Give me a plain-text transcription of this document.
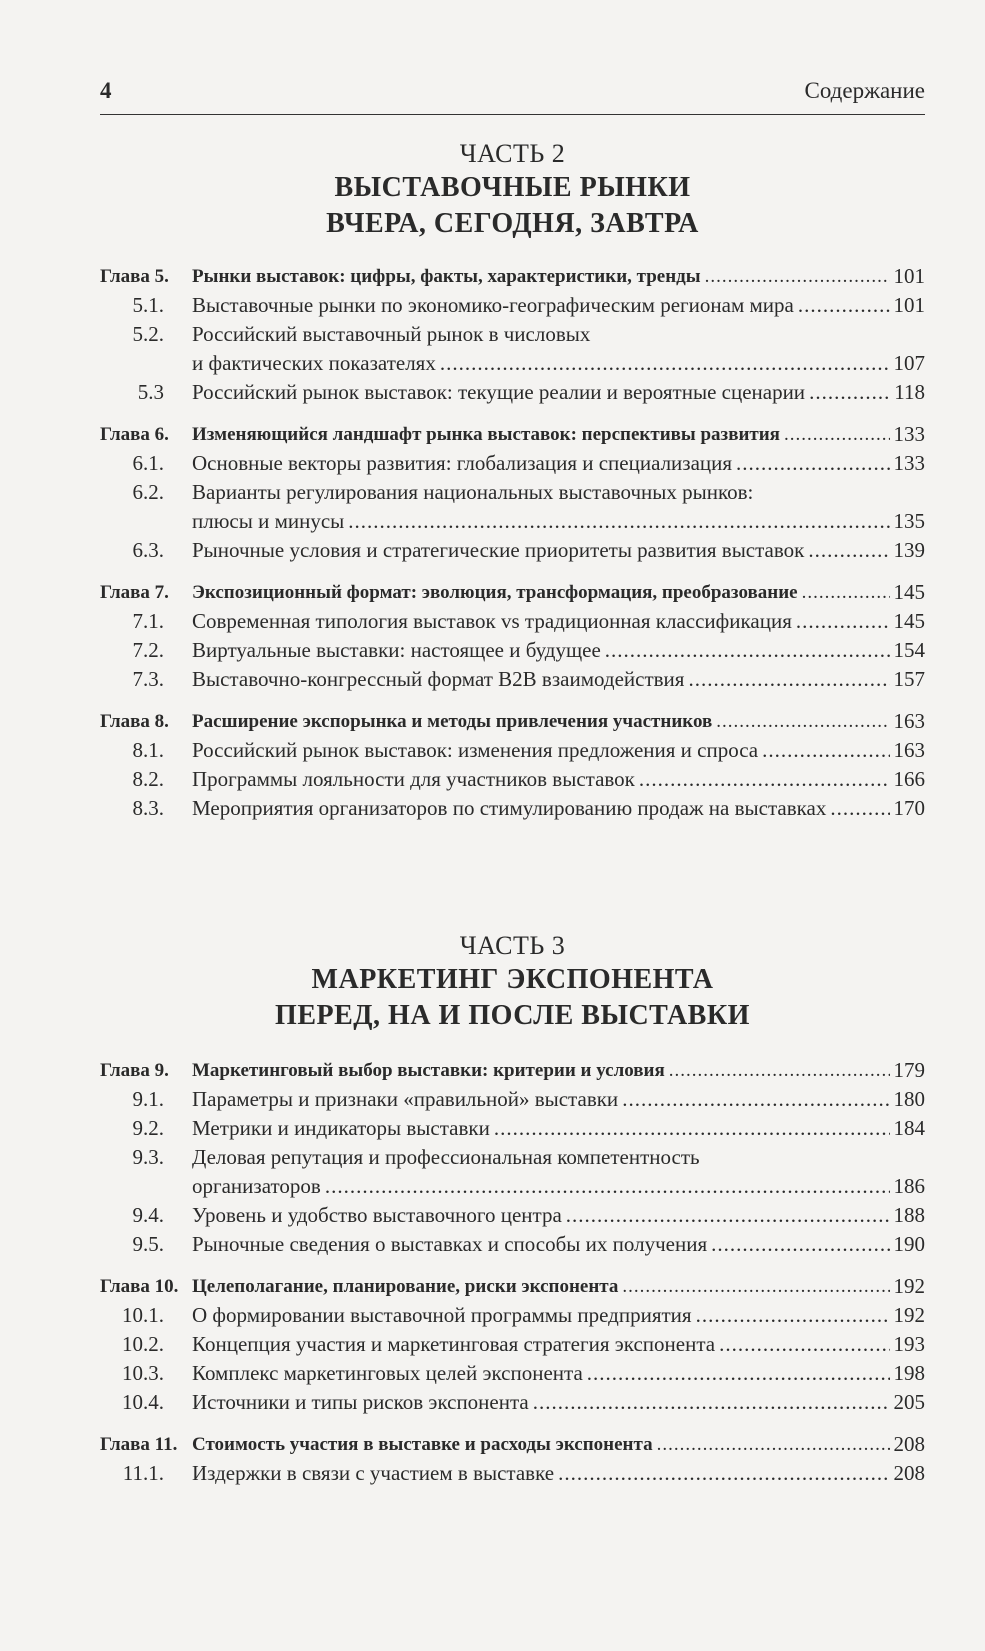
4	Содержание
ЧАСТЬ 2
ВЫСТАВОЧНЫЕ РЫНКИ
ВЧЕРА, СЕГОДНЯ, ЗАВТРА
Глава 5.	Рынки выставок: цифры, факты, характеристики, тренды .....	101
5.1.	Выставочные рынки по экономико-географическим регионам мира .....	101
5.2.	Российский выставочный рынок в числовых
и фактических показателях .....	107
5.3	Российский рынок выставок: текущие реалии и вероятные сценарии .....	118
Глава 6.	Изменяющийся ландшафт рынка выставок: перспективы развития .....	133
6.1.	Основные векторы развития: глобализация и специализация .....	133
6.2.	Варианты регулирования национальных выставочных рынков:
плюсы и минусы .....	135
6.3.	Рыночные условия и стратегические приоритеты развития выставок .....	139
Глава 7.	Экспозиционный формат: эволюция, трансформация, преобразование .....	145
7.1.	Современная типология выставок vs традиционная классификация .....	145
7.2.	Виртуальные выставки: настоящее и будущее .....	154
7.3.	Выставочно-конгрессный формат B2B взаимодействия .....	157
Глава 8.	Расширение экспорынка и методы привлечения участников .....	163
8.1.	Российский рынок выставок: изменения предложения и спроса .....	163
8.2.	Программы лояльности для участников выставок .....	166
8.3.	Мероприятия организаторов по стимулированию продаж на выставках .....	170
ЧАСТЬ 3
МАРКЕТИНГ ЭКСПОНЕНТА
ПЕРЕД, НА И ПОСЛЕ ВЫСТАВКИ
Глава 9.	Маркетинговый выбор выставки: критерии и условия .....	179
9.1.	Параметры и признаки «правильной» выставки .....	180
9.2.	Метрики и индикаторы выставки .....	184
9.3.	Деловая репутация и профессиональная компетентность
организаторов .....	186
9.4.	Уровень и удобство выставочного центра .....	188
9.5.	Рыночные сведения о выставках и способы их получения .....	190
Глава 10. Целеполагание, планирование, риски экспонента .....	192
10.1.	О формировании выставочной программы предприятия .....	192
10.2.	Концепция участия и маркетинговая стратегия экспонента .....	193
10.3.	Комплекс маркетинговых целей экспонента .....	198
10.4.	Источники и типы рисков экспонента .....	205
Глава 11. Стоимость участия в выставке и расходы экспонента .....	208
11.1.	Издержки в связи с участием в выставке .....	208
